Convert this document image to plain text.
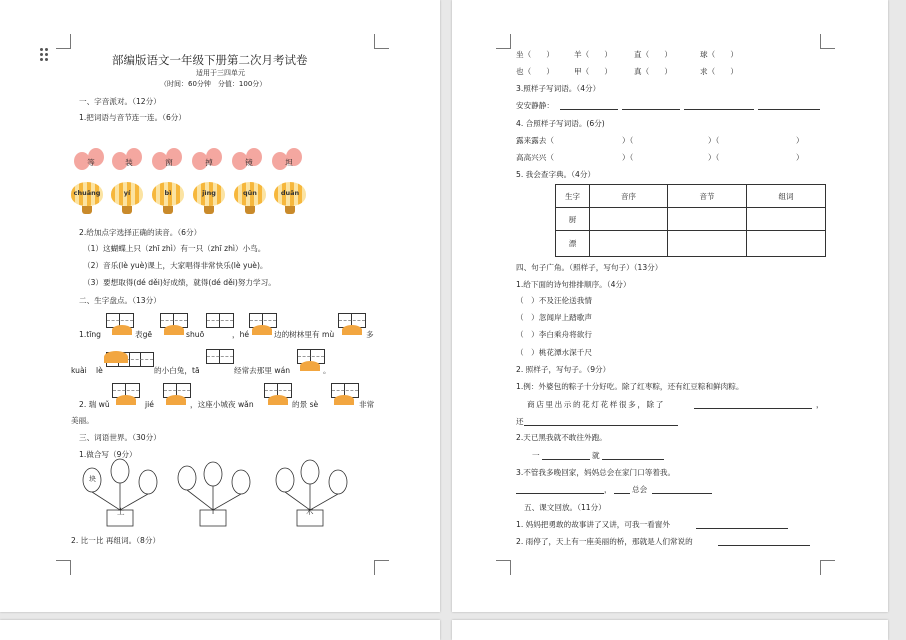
部编版语文一年级下册第二次月考试卷
适用于三四单元
（时间：60分钟　分值：100分）
一、字音派对。（12分）
1.把词语与音节连一连。（6分）
等	装	窗	掉	镜	坦
chuāng	yí	bì	jìng	qūn	duān
2.给加点字选择正确的读音。（6分）
（1）这蝴蝶上只（zhī zhì）有一只（zhī zhì）小鸟。
（2）音乐(lè yuè)课上，大家唱得非常快乐(lè yuè)。
（3）要想取得(dé děi)好成绩，就得(dé děi)努力学习。
二、生字盘点。（13分）
1.tīng	表gē	shuō	，hé	边的树林里有 mù	多
kuài lè	的小白兔，tā	经常去那里 wán	。
2. 瑞 wǔ	jié	，这座小城夜 wǎn	的景 sè	非常
美丽。
三、词语世界。（30分）
1.做合写（9分）
块
土	i	木
2. 比一比 再组词。（8分）
坐（　　）	羊（　　）	直（　　）	球（　　）
也（　　）	甲（　　）	真（　　）	求（　　）
3.照样子写词语。（4分）
安安静静：
4. 合照样子写词语。(6分)
露来露去（	）（	）（	）
高高兴兴（	）（	）（	）
5. 我会查字典。（4分）
生字	音序	音节	组词
厨			
漂			
四、句子广角。（照样子，写句子）（13分）
1.给下面的诗句排排顺序。（4分）
（　）不及汪伦送我情
（　）忽闻岸上踏歌声
（　）李白乘舟将欲行
（　）桃花潭水深千尺
2. 照样子，写句子。（9分）
1.例：外婆包的粽子十分好吃。除了红枣粽，还有红豆粽和鲜肉粽。
商店里出示的花灯花样很多，除了	，
还
2.天已黑我就不敢往外跑。
一	就
3.不管我多晚回家，妈妈总会在家门口等着我。
，	总会
五、课文回放。（11分）
1. 妈妈把勇敢的故事讲了又讲，可我一看窗外
2. 雨停了，天上有一座美丽的桥，那就是人们常说的
